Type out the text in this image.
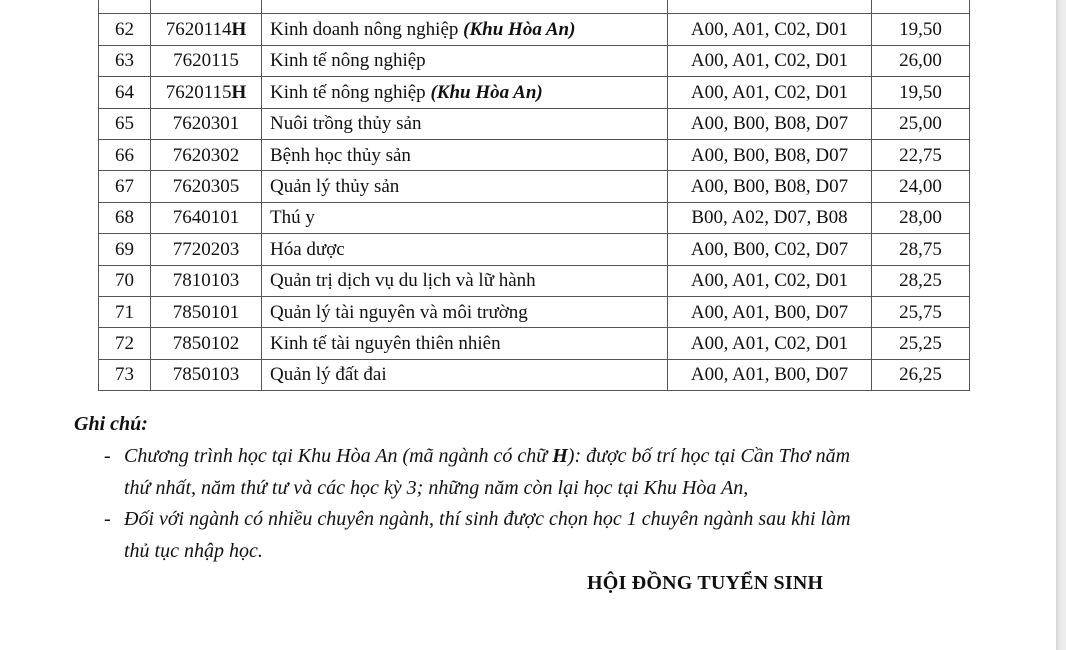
62	7620114H	Kinh doanh nông nghiệp (Khu Hòa An)	A00, A01, C02, D01	19,50
63	7620115	Kinh tế nông nghiệp	A00, A01, C02, D01	26,00
64	7620115H	Kinh tế nông nghiệp (Khu Hòa An)	A00, A01, C02, D01	19,50
65	7620301	Nuôi trồng thủy sản	A00, B00, B08, D07	25,00
66	7620302	Bệnh học thủy sản	A00, B00, B08, D07	22,75
67	7620305	Quản lý thủy sản	A00, B00, B08, D07	24,00
68	7640101	Thú y	B00, A02, D07, B08	28,00
69	7720203	Hóa dược	A00, B00, C02, D07	28,75
70	7810103	Quản trị dịch vụ du lịch và lữ hành	A00, A01, C02, D01	28,25
71	7850101	Quản lý tài nguyên và môi trường	A00, A01, B00, D07	25,75
72	7850102	Kinh tế tài nguyên thiên nhiên	A00, A01, C02, D01	25,25
73	7850103	Quản lý đất đai	A00, A01, B00, D07	26,25
Ghi chú:
- Chương trình học tại Khu Hòa An (mã ngành có chữ H): được bố trí học tại Cần Thơ năm
thứ nhất, năm thứ tư và các học kỳ 3; những năm còn lại học tại Khu Hòa An,
- Đối với ngành có nhiều chuyên ngành, thí sinh được chọn học 1 chuyên ngành sau khi làm
thủ tục nhập học.
HỘI ĐỒNG TUYỂN SINH
